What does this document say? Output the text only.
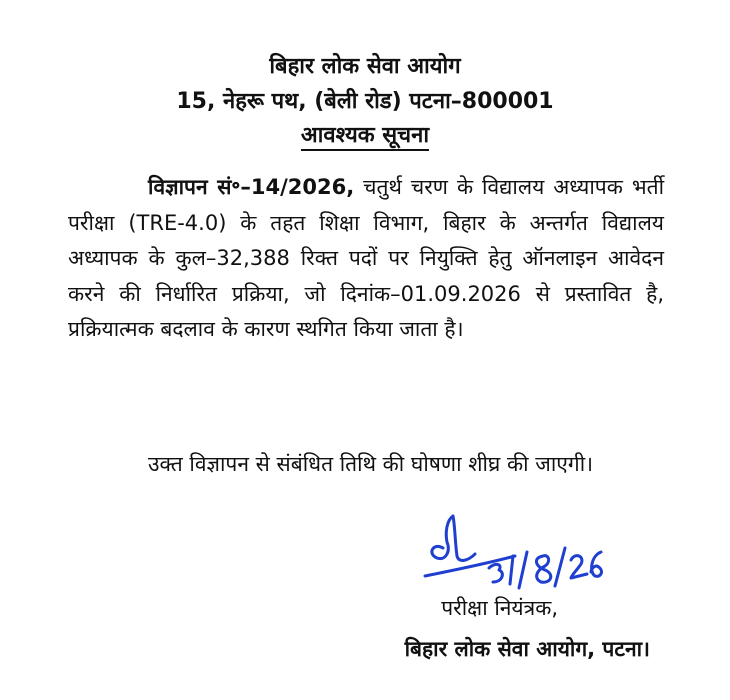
बिहार लोक सेवा आयोग
15, नेहरू पथ, (बेली रोड) पटना–800001
आवश्यक सूचना
विज्ञापन सं॰–14/2026, चतुर्थ चरण के विद्यालय अध्यापक भर्ती परीक्षा (TRE-4.0) के तहत शिक्षा विभाग, बिहार के अन्तर्गत विद्यालय अध्यापक के कुल–32,388 रिक्त पदों पर नियुक्ति हेतु ऑनलाइन आवेदन करने की निर्धारित प्रक्रिया, जो दिनांक–01.09.2026 से प्रस्तावित है, प्रक्रियात्मक बदलाव के कारण स्थगित किया जाता है।
उक्त विज्ञापन से संबंधित तिथि की घोषणा शीघ्र की जाएगी।
परीक्षा नियंत्रक,
बिहार लोक सेवा आयोग, पटना।
